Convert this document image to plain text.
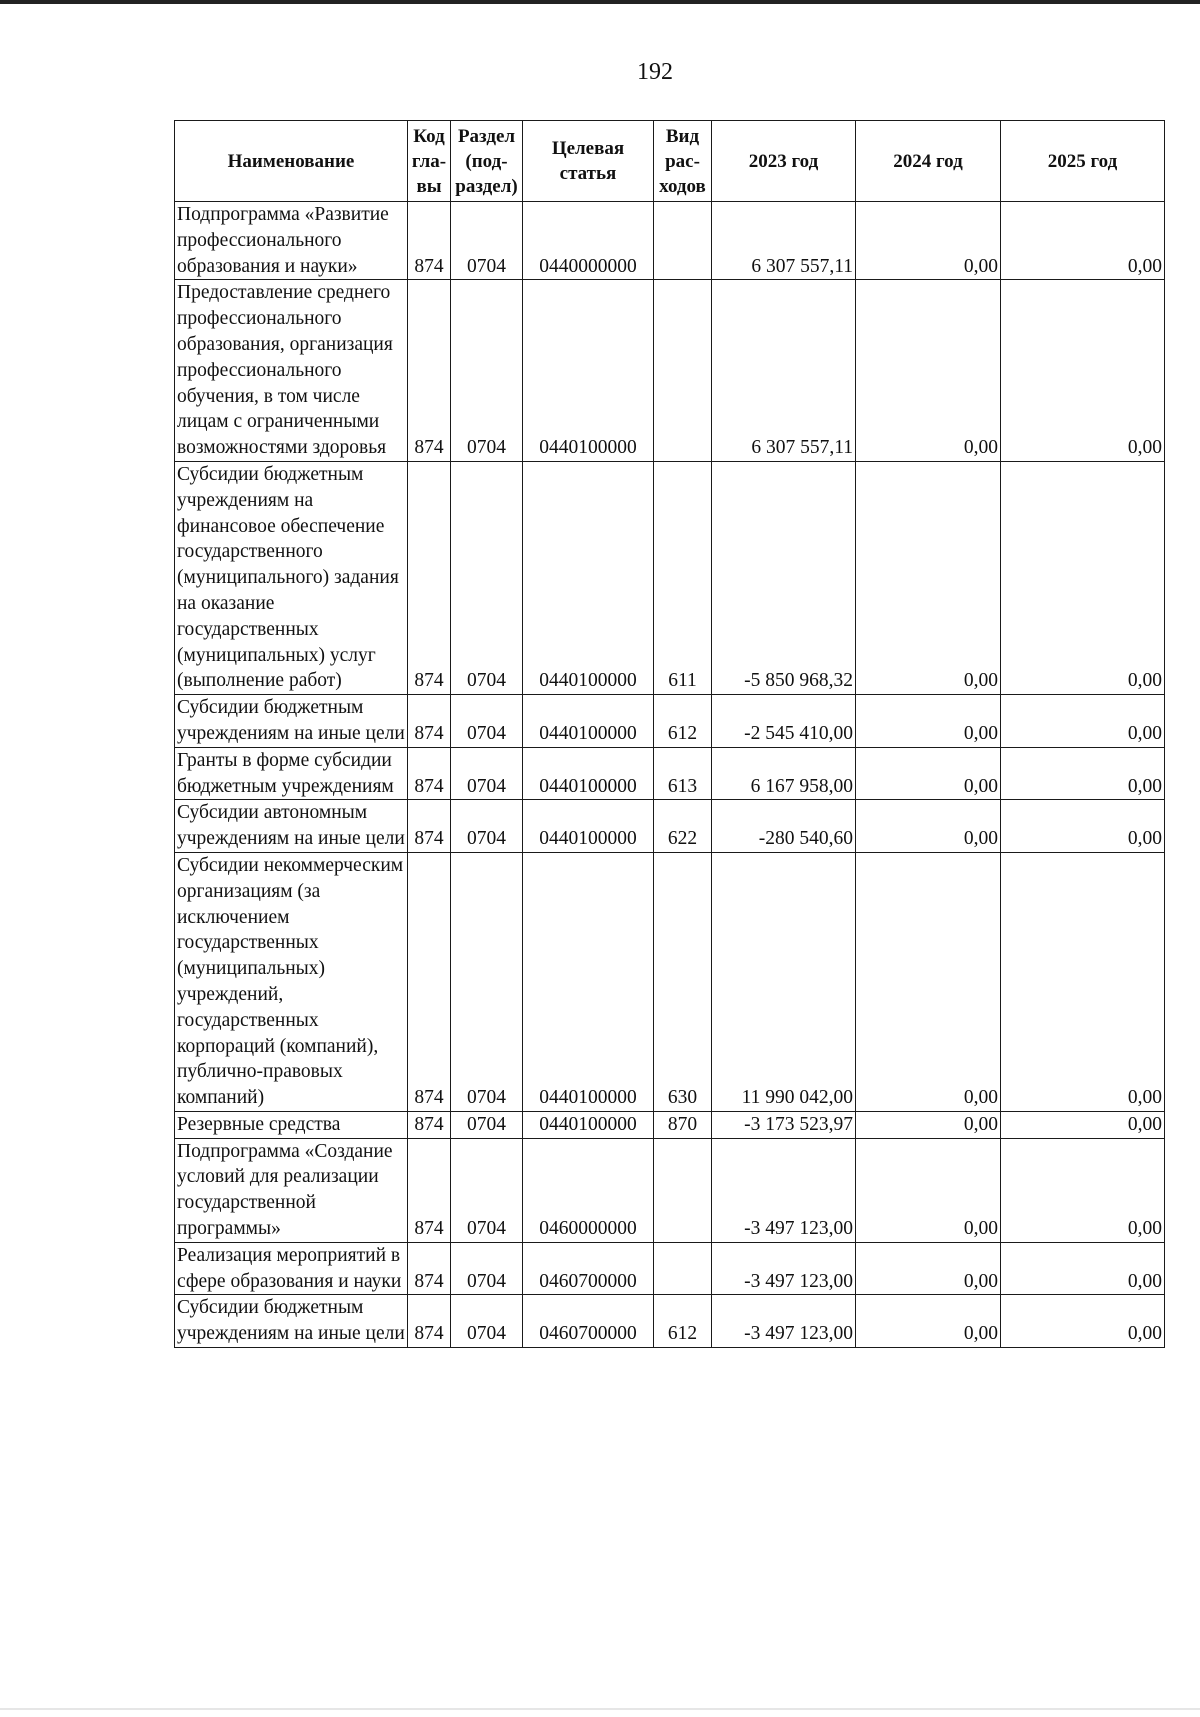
192
Наименование	Код глa-вы	Раздел (под-раздел)	Целевая статья	Вид рас-ходов	2023 год	2024 год	2025 год
Подпрограмма «Развитие профессионального образования и науки»	874	0704	0440000000		6 307 557,11	0,00	0,00
Предоставление среднего профессионального образования, организация профессионального обучения, в том числе лицам с ограниченными возможностями здоровья	874	0704	0440100000		6 307 557,11	0,00	0,00
Субсидии бюджетным учреждениям на финансовое обеспечение государственного (муниципального) задания на оказание государственных (муниципальных) услуг (выполнение работ)	874	0704	0440100000	611	-5 850 968,32	0,00	0,00
Субсидии бюджетным учреждениям на иные цели	874	0704	0440100000	612	-2 545 410,00	0,00	0,00
Гранты в форме субсидии бюджетным учреждениям	874	0704	0440100000	613	6 167 958,00	0,00	0,00
Субсидии автономным учреждениям на иные цели	874	0704	0440100000	622	-280 540,60	0,00	0,00
Субсидии некоммерческим организациям (за исключением государственных (муниципальных) учреждений, государственных корпораций (компаний), публично-правовых компаний)	874	0704	0440100000	630	11 990 042,00	0,00	0,00
Резервные средства	874	0704	0440100000	870	-3 173 523,97	0,00	0,00
Подпрограмма «Создание условий для реализации государственной программы»	874	0704	0460000000		-3 497 123,00	0,00	0,00
Реализация мероприятий в сфере образования и науки	874	0704	0460700000		-3 497 123,00	0,00	0,00
Субсидии бюджетным учреждениям на иные цели	874	0704	0460700000	612	-3 497 123,00	0,00	0,00
